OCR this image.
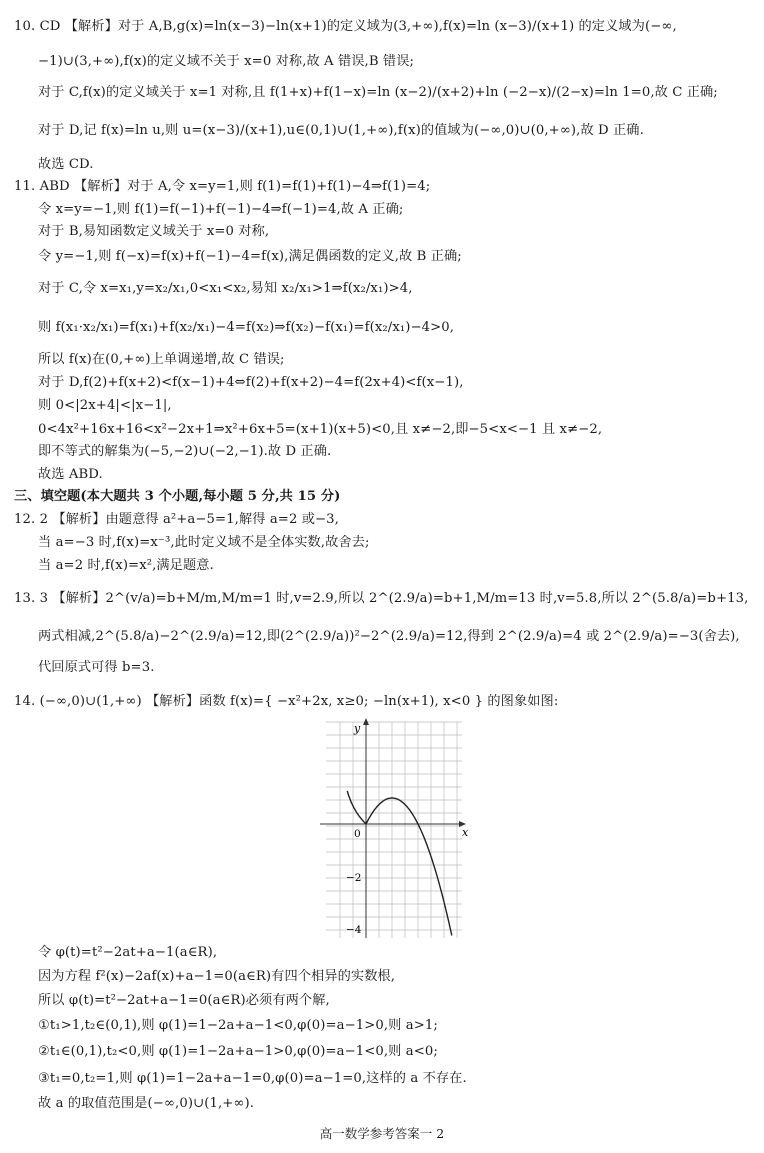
10. CD 【解析】对于 A,B,g(x)=ln(x−3)−ln(x+1)的定义域为(3,+∞),f(x)=ln (x−3)/(x+1) 的定义域为(−∞,
−1)∪(3,+∞),f(x)的定义域不关于 x=0 对称,故 A 错误,B 错误;
对于 C,f(x)的定义域关于 x=1 对称,且 f(1+x)+f(1−x)=ln (x−2)/(x+2)+ln (−2−x)/(2−x)=ln 1=0,故 C 正确;
对于 D,记 f(x)=ln u,则 u=(x−3)/(x+1),u∈(0,1)∪(1,+∞),f(x)的值域为(−∞,0)∪(0,+∞),故 D 正确.
故选 CD.
11. ABD 【解析】对于 A,令 x=y=1,则 f(1)=f(1)+f(1)−4⇒f(1)=4;
令 x=y=−1,则 f(1)=f(−1)+f(−1)−4⇒f(−1)=4,故 A 正确;
对于 B,易知函数定义域关于 x=0 对称,
令 y=−1,则 f(−x)=f(x)+f(−1)−4=f(x),满足偶函数的定义,故 B 正确;
对于 C,令 x=x₁,y=x₂/x₁,0<x₁<x₂,易知 x₂/x₁>1⇒f(x₂/x₁)>4,
则 f(x₁·x₂/x₁)=f(x₁)+f(x₂/x₁)−4=f(x₂)⇒f(x₂)−f(x₁)=f(x₂/x₁)−4>0,
所以 f(x)在(0,+∞)上单调递增,故 C 错误;
对于 D,f(2)+f(x+2)<f(x−1)+4⇔f(2)+f(x+2)−4=f(2x+4)<f(x−1),
则 0<|2x+4|<|x−1|,
0<4x²+16x+16<x²−2x+1⇒x²+6x+5=(x+1)(x+5)<0,且 x≠−2,即−5<x<−1 且 x≠−2,
即不等式的解集为(−5,−2)∪(−2,−1).故 D 正确.
故选 ABD.
三、填空题(本大题共 3 个小题,每小题 5 分,共 15 分)
12. 2 【解析】由题意得 a²+a−5=1,解得 a=2 或−3,
当 a=−3 时,f(x)=x⁻³,此时定义域不是全体实数,故舍去;
当 a=2 时,f(x)=x²,满足题意.
13. 3 【解析】2^(v/a)=b+M/m,M/m=1 时,v=2.9,所以 2^(2.9/a)=b+1,M/m=13 时,v=5.8,所以 2^(5.8/a)=b+13,
两式相减,2^(5.8/a)−2^(2.9/a)=12,即(2^(2.9/a))²−2^(2.9/a)=12,得到 2^(2.9/a)=4 或 2^(2.9/a)=−3(舍去),
代回原式可得 b=3.
14. (−∞,0)∪(1,+∞) 【解析】函数 f(x)={ −x²+2x, x≥0; −ln(x+1), x<0 } 的图象如图:
令 φ(t)=t²−2at+a−1(a∈R),
因为方程 f²(x)−2af(x)+a−1=0(a∈R)有四个相异的实数根,
所以 φ(t)=t²−2at+a−1=0(a∈R)必须有两个解,
①t₁>1,t₂∈(0,1),则 φ(1)=1−2a+a−1<0,φ(0)=a−1>0,则 a>1;
②t₁∈(0,1),t₂<0,则 φ(1)=1−2a+a−1>0,φ(0)=a−1<0,则 a<0;
③t₁=0,t₂=1,则 φ(1)=1−2a+a−1=0,φ(0)=a−1=0,这样的 a 不存在.
故 a 的取值范围是(−∞,0)∪(1,+∞).
y
x
0
−2
−4
高一数学参考答案一 2
